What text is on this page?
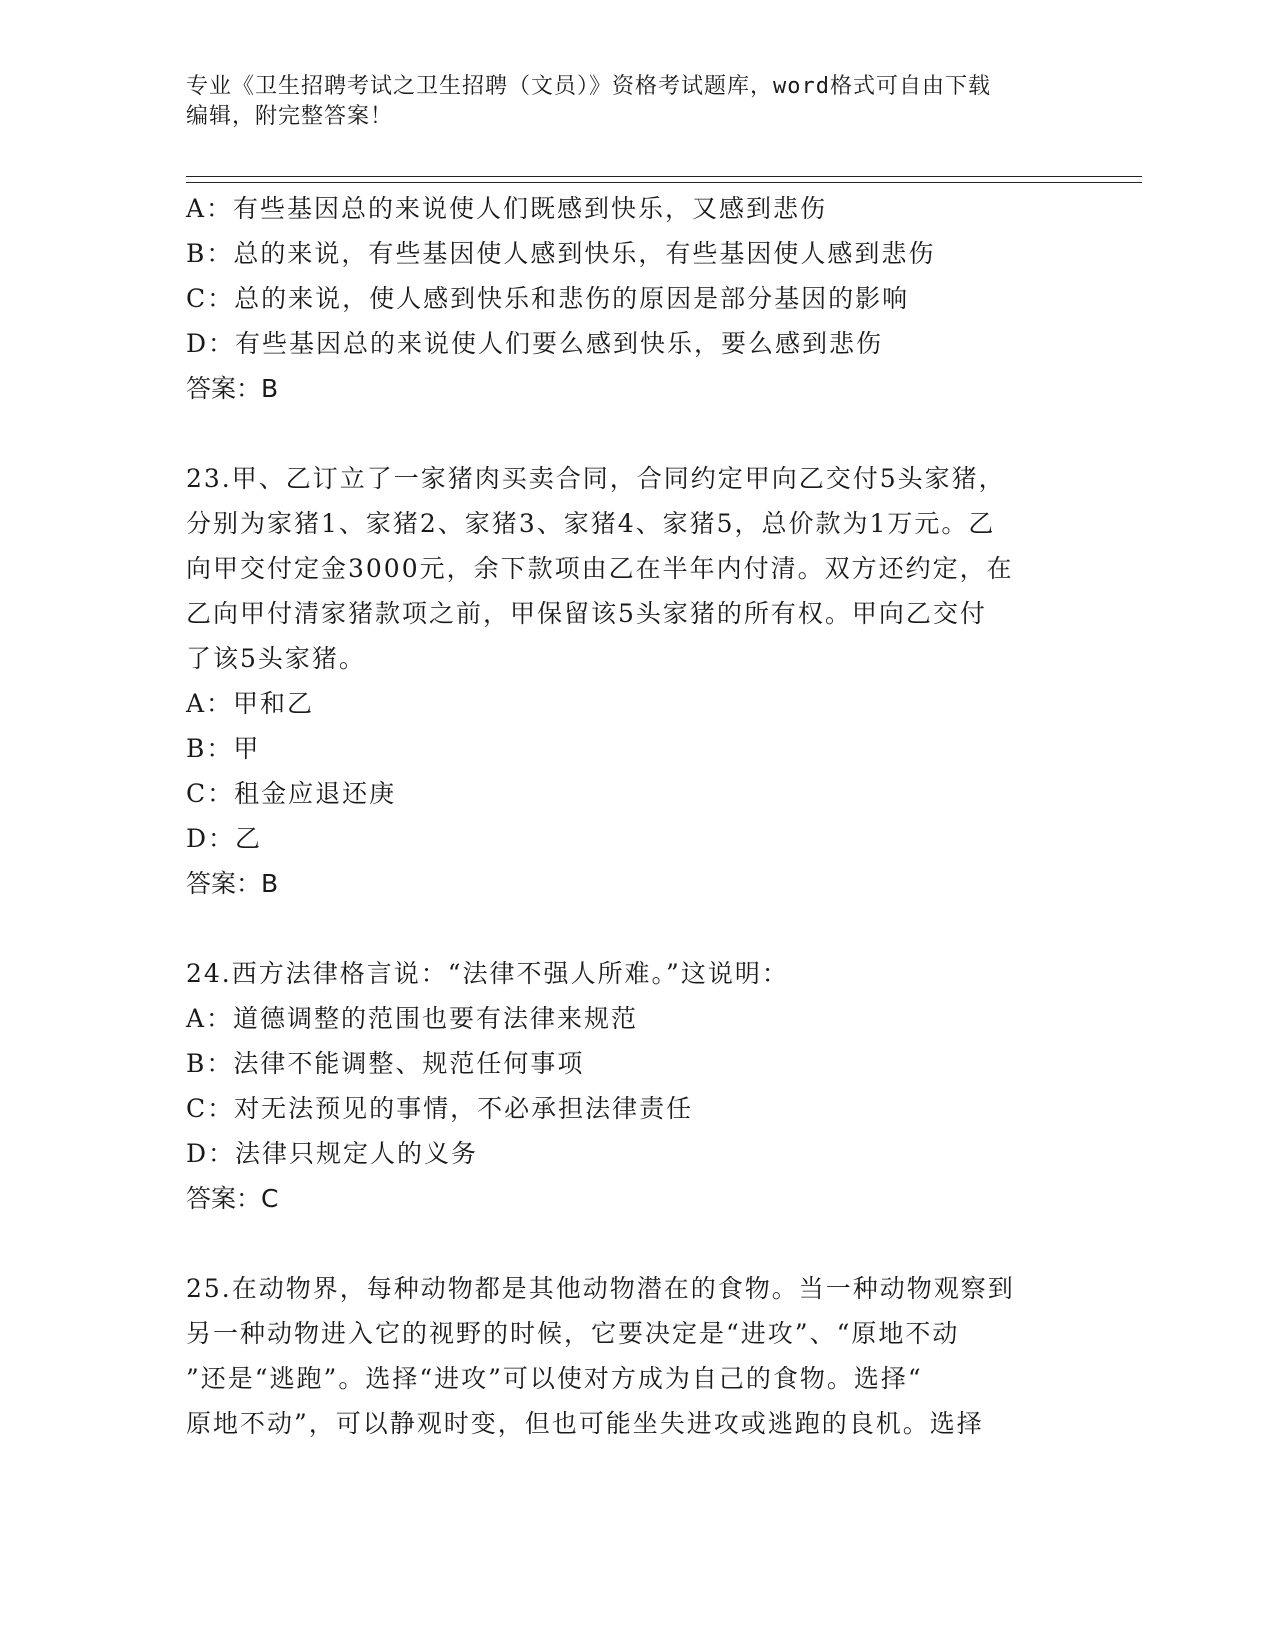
专业《卫生招聘考试之卫生招聘（文员）》资格考试题库，word格式可自由下载
编辑，附完整答案！
A：有些基因总的来说使人们既感到快乐，又感到悲伤
B：总的来说，有些基因使人感到快乐，有些基因使人感到悲伤
C：总的来说，使人感到快乐和悲伤的原因是部分基因的影响
D：有些基因总的来说使人们要么感到快乐，要么感到悲伤
答案：B
23.甲、乙订立了一家猪肉买卖合同，合同约定甲向乙交付5头家猪，
分别为家猪1、家猪2、家猪3、家猪4、家猪5，总价款为1万元。乙
向甲交付定金3000元，余下款项由乙在半年内付清。双方还约定，在
乙向甲付清家猪款项之前，甲保留该5头家猪的所有权。甲向乙交付
了该5头家猪。
A：甲和乙
B：甲
C：租金应退还庚
D：乙
答案：B
24.西方法律格言说：“法律不强人所难。”这说明：
A：道德调整的范围也要有法律来规范
B：法律不能调整、规范任何事项
C：对无法预见的事情，不必承担法律责任
D：法律只规定人的义务
答案：C
25.在动物界，每种动物都是其他动物潜在的食物。当一种动物观察到
另一种动物进入它的视野的时候，它要决定是“进攻”、“原地不动
”还是“逃跑”。选择“进攻”可以使对方成为自己的食物。选择“
原地不动”，可以静观时变，但也可能坐失进攻或逃跑的良机。选择
